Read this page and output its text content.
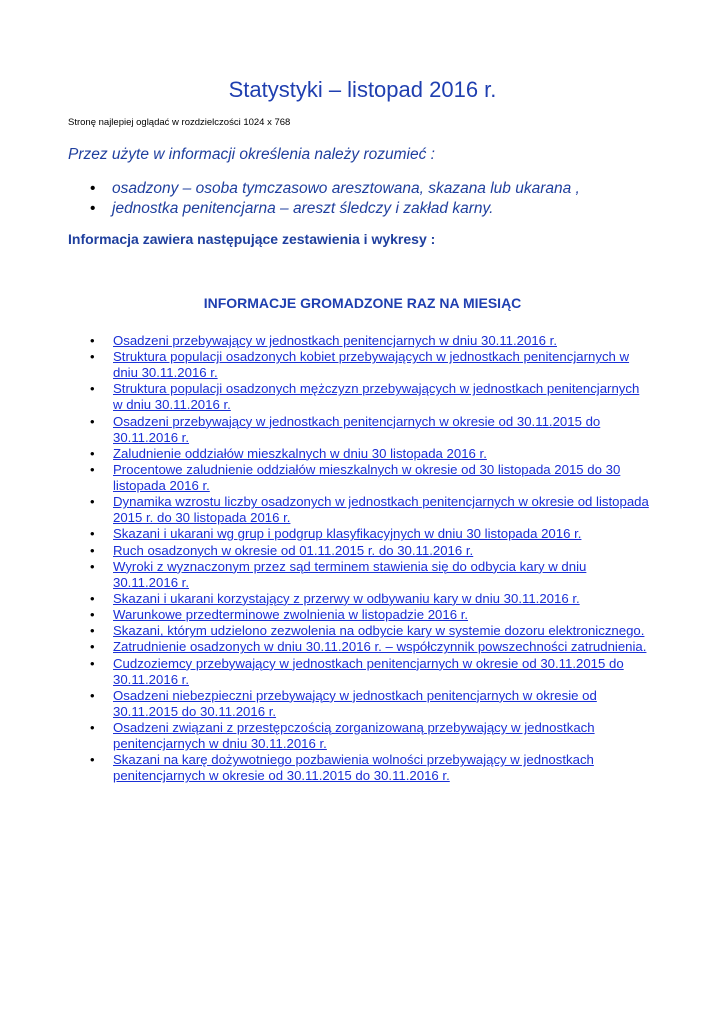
Statystyki – listopad 2016 r.
Stronę najlepiej oglądać w rozdzielczości 1024 x 768
Przez użyte w informacji określenia należy rozumieć :
• osadzony – osoba tymczasowo aresztowana, skazana lub ukarana ,
• jednostka penitencjarna – areszt śledczy i zakład karny.
Informacja zawiera następujące zestawienia i wykresy :
INFORMACJE GROMADZONE RAZ NA MIESIĄC
• Osadzeni przebywający w jednostkach penitencjarnych w dniu 30.11.2016 r.
• Struktura populacji osadzonych kobiet przebywających w jednostkach penitencjarnych w dniu 30.11.2016 r.
• Struktura populacji osadzonych mężczyzn przebywających w jednostkach penitencjarnych w dniu 30.11.2016 r.
• Osadzeni przebywający w jednostkach penitencjarnych w okresie od 30.11.2015 do 30.11.2016 r.
• Zaludnienie oddziałów mieszkalnych w dniu 30 listopada 2016 r.
• Procentowe zaludnienie oddziałów mieszkalnych w okresie od 30 listopada 2015 do 30 listopada 2016 r.
• Dynamika wzrostu liczby osadzonych w jednostkach penitencjarnych w okresie od listopada 2015 r. do 30 listopada 2016 r.
• Skazani i ukarani wg grup i podgrup klasyfikacyjnych w dniu 30 listopada 2016 r.
• Ruch osadzonych w okresie od 01.11.2015 r. do 30.11.2016 r.
• Wyroki z wyznaczonym przez sąd terminem stawienia się do odbycia kary w dniu 30.11.2016 r.
• Skazani i ukarani korzystający z przerwy w odbywaniu kary w dniu 30.11.2016 r.
• Warunkowe przedterminowe zwolnienia w listopadzie 2016 r.
• Skazani, którym udzielono zezwolenia na odbycie kary w systemie dozoru elektronicznego.
• Zatrudnienie osadzonych w dniu 30.11.2016 r. – współczynnik powszechności zatrudnienia.
• Cudzoziemcy przebywający w jednostkach penitencjarnych w okresie od 30.11.2015 do 30.11.2016 r.
• Osadzeni niebezpieczni przebywający w jednostkach penitencjarnych w okresie od 30.11.2015 do 30.11.2016 r.
• Osadzeni związani z przestępczością zorganizowaną przebywający w jednostkach penitencjarnych w dniu 30.11.2016 r.
• Skazani na karę dożywotniego pozbawienia wolności przebywający w jednostkach penitencjarnych w okresie od 30.11.2015 do 30.11.2016 r.
